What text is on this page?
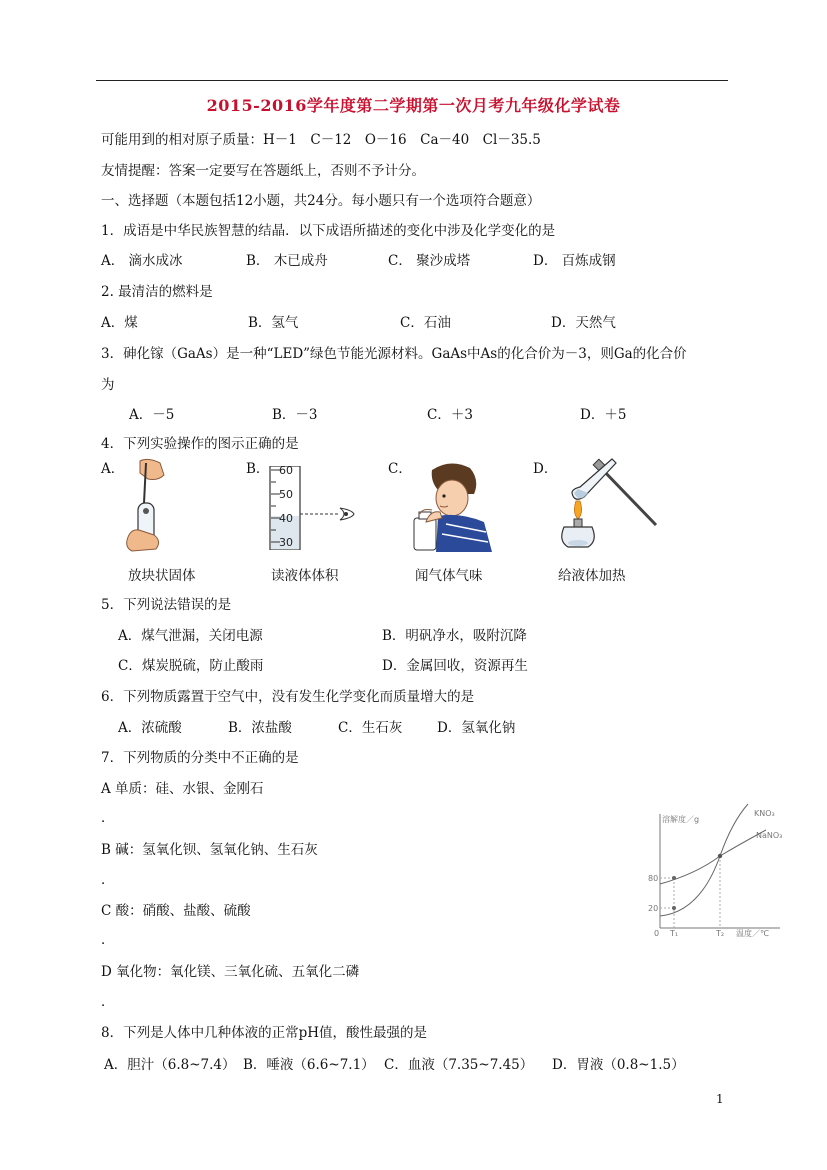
2015-2016学年度第二学期第一次月考九年级化学试卷
可能用到的相对原子质量：H－1　C－12　O－16　Ca－40　Cl－35.5
友情提醒：答案一定要写在答题纸上，否则不予计分。
一、选择题（本题包括12小题，共24分。每小题只有一个选项符合题意）
1．成语是中华民族智慧的结晶．以下成语所描述的变化中涉及化学变化的是
A． 滴水成冰	B． 木已成舟	C． 聚沙成塔	D． 百炼成钢
2. 最清洁的燃料是
A．煤	B．氢气	C．石油	D．天然气
3．砷化镓（GaAs）是一种“LED”绿色节能光源材料。GaAs中As的化合价为－3，则Ga的化合价
为
A．－5	B．－3	C．＋3	D．＋5
4．下列实验操作的图示正确的是
A．	B．	C．	D．
60
50
40
30
放块状固体	读液体体积	闻气体气味	给液体加热
5．下列说法错误的是
A．煤气泄漏，关闭电源	B．明矾净水，吸附沉降
C．煤炭脱硫，防止酸雨	D．金属回收，资源再生
6．下列物质露置于空气中，没有发生化学变化而质量增大的是
A．浓硫酸	B．浓盐酸	C．生石灰	D．氢氧化钠
7．下列物质的分类中不正确的是
A 单质：硅、水银、金刚石
．
B 碱：氢氧化钡、氢氧化钠、生石灰
．
C 酸：硝酸、盐酸、硫酸
．
D 氧化物：氧化镁、三氧化硫、五氧化二磷
．
溶解度／g
KNO₃
NaNO₃
80
20
0 T₁	T₂ 温度／℃
8．下列是人体中几种体液的正常pH值，酸性最强的是
A．胆汁（6.8~7.4） B．唾液（6.6~7.1） C．血液（7.35~7.45） D．胃液（0.8~1.5）
1
